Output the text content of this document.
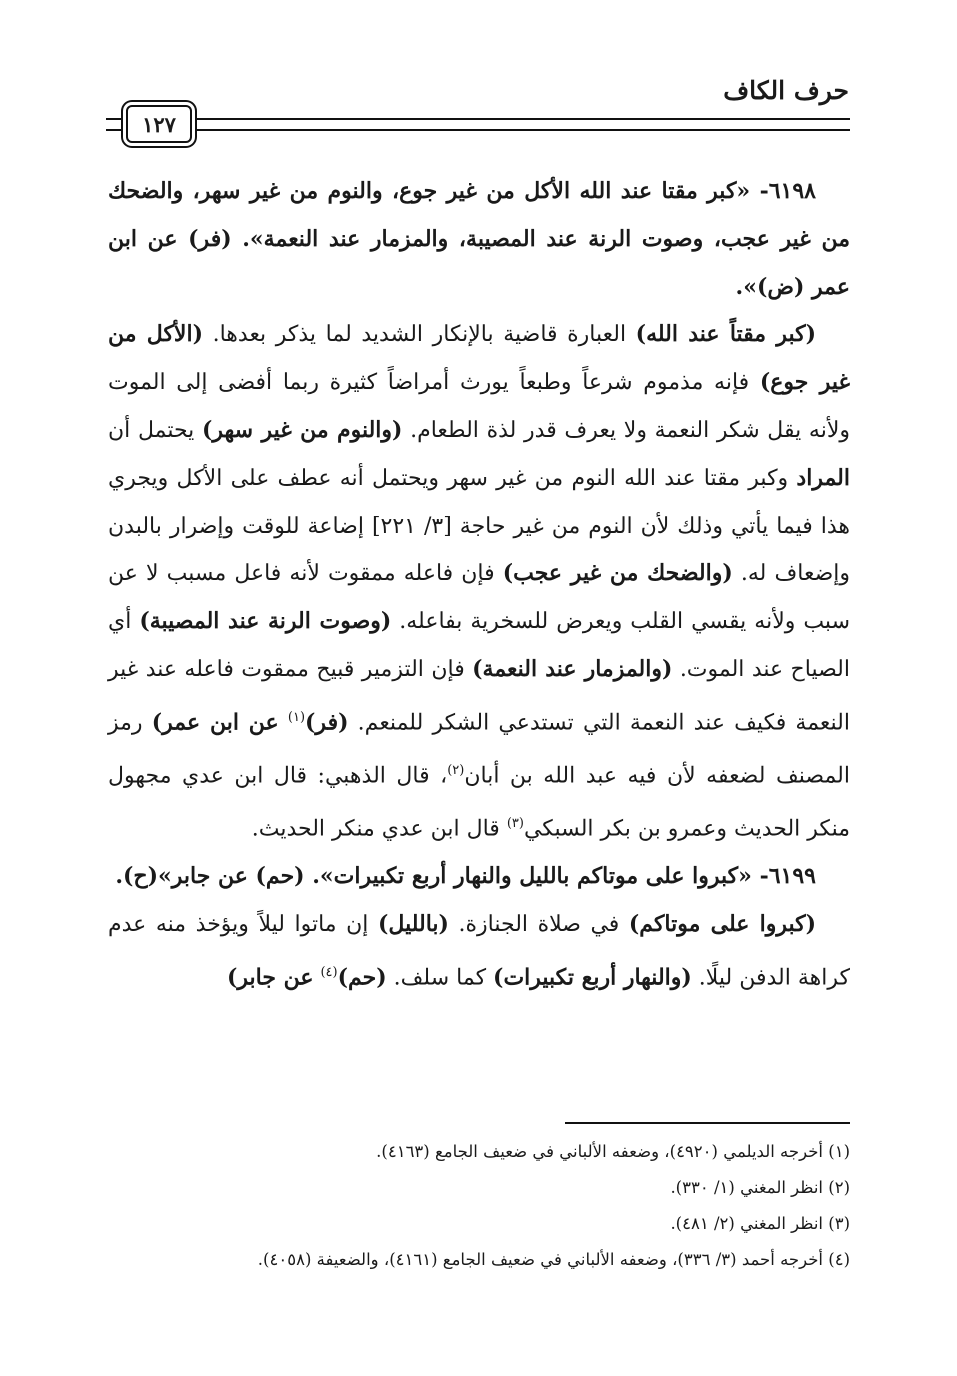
حرف الكاف
١٢٧

٦١٩٨- «كبر مقتا عند الله الأكل من غير جوع، والنوم من غير سهر، والضحك من غير عجب، وصوت الرنة عند المصيبة، والمزمار عند النعمة». (فر) عن ابن عمر (ض)».

(كبر مقتاً عند الله) العبارة قاضية بالإنكار الشديد لما يذكر بعدها. (الأكل من غير جوع) فإنه مذموم شرعاً وطبعاً يورث أمراضاً كثيرة ربما أفضى إلى الموت ولأنه يقل شكر النعمة ولا يعرف قدر لذة الطعام. (والنوم من غير سهر) يحتمل أن المراد وكبر مقتا عند الله النوم من غير سهر ويحتمل أنه عطف على الأكل ويجري هذا فيما يأتي وذلك لأن النوم من غير حاجة [٣/ ٢٢١] إضاعة للوقت وإضرار بالبدن وإضعاف له. (والضحك من غير عجب) فإن فاعله ممقوت لأنه فاعل مسبب لا عن سبب ولأنه يقسي القلب ويعرض للسخرية بفاعله. (وصوت الرنة عند المصيبة) أي الصياح عند الموت. (والمزمار عند النعمة) فإن التزمير قبيح ممقوت فاعله عند غير النعمة فكيف عند النعمة التي تستدعي الشكر للمنعم. (فر)$^{(١)}$ عن ابن عمر) رمز المصنف لضعفه لأن فيه عبد الله بن أبان$^{(٢)}$، قال الذهبي: قال ابن عدي مجهول منكر الحديث وعمرو بن بكر السبكي$^{(٣)}$ قال ابن عدي منكر الحديث.

٦١٩٩- «كبروا على موتاكم بالليل والنهار أربع تكبيرات». (حم) عن جابر»(ح).

(كبروا على موتاكم) في صلاة الجنازة. (بالليل) إن ماتوا ليلاً ويؤخذ منه عدم كراهة الدفن ليلًا. (والنهار أربع تكبيرات) كما سلف. (حم)$^{(٤)}$ عن جابر)

(١) أخرجه الديلمي (٤٩٢٠)، وضعفه الألباني في ضعيف الجامع (٤١٦٣).
(٢) انظر المغني (١/ ٣٣٠).
(٣) انظر المغني (٢/ ٤٨١).
(٤) أخرجه أحمد (٣/ ٣٣٦)، وضعفه الألباني في ضعيف الجامع (٤١٦١)، والضعيفة (٤٠٥٨).
